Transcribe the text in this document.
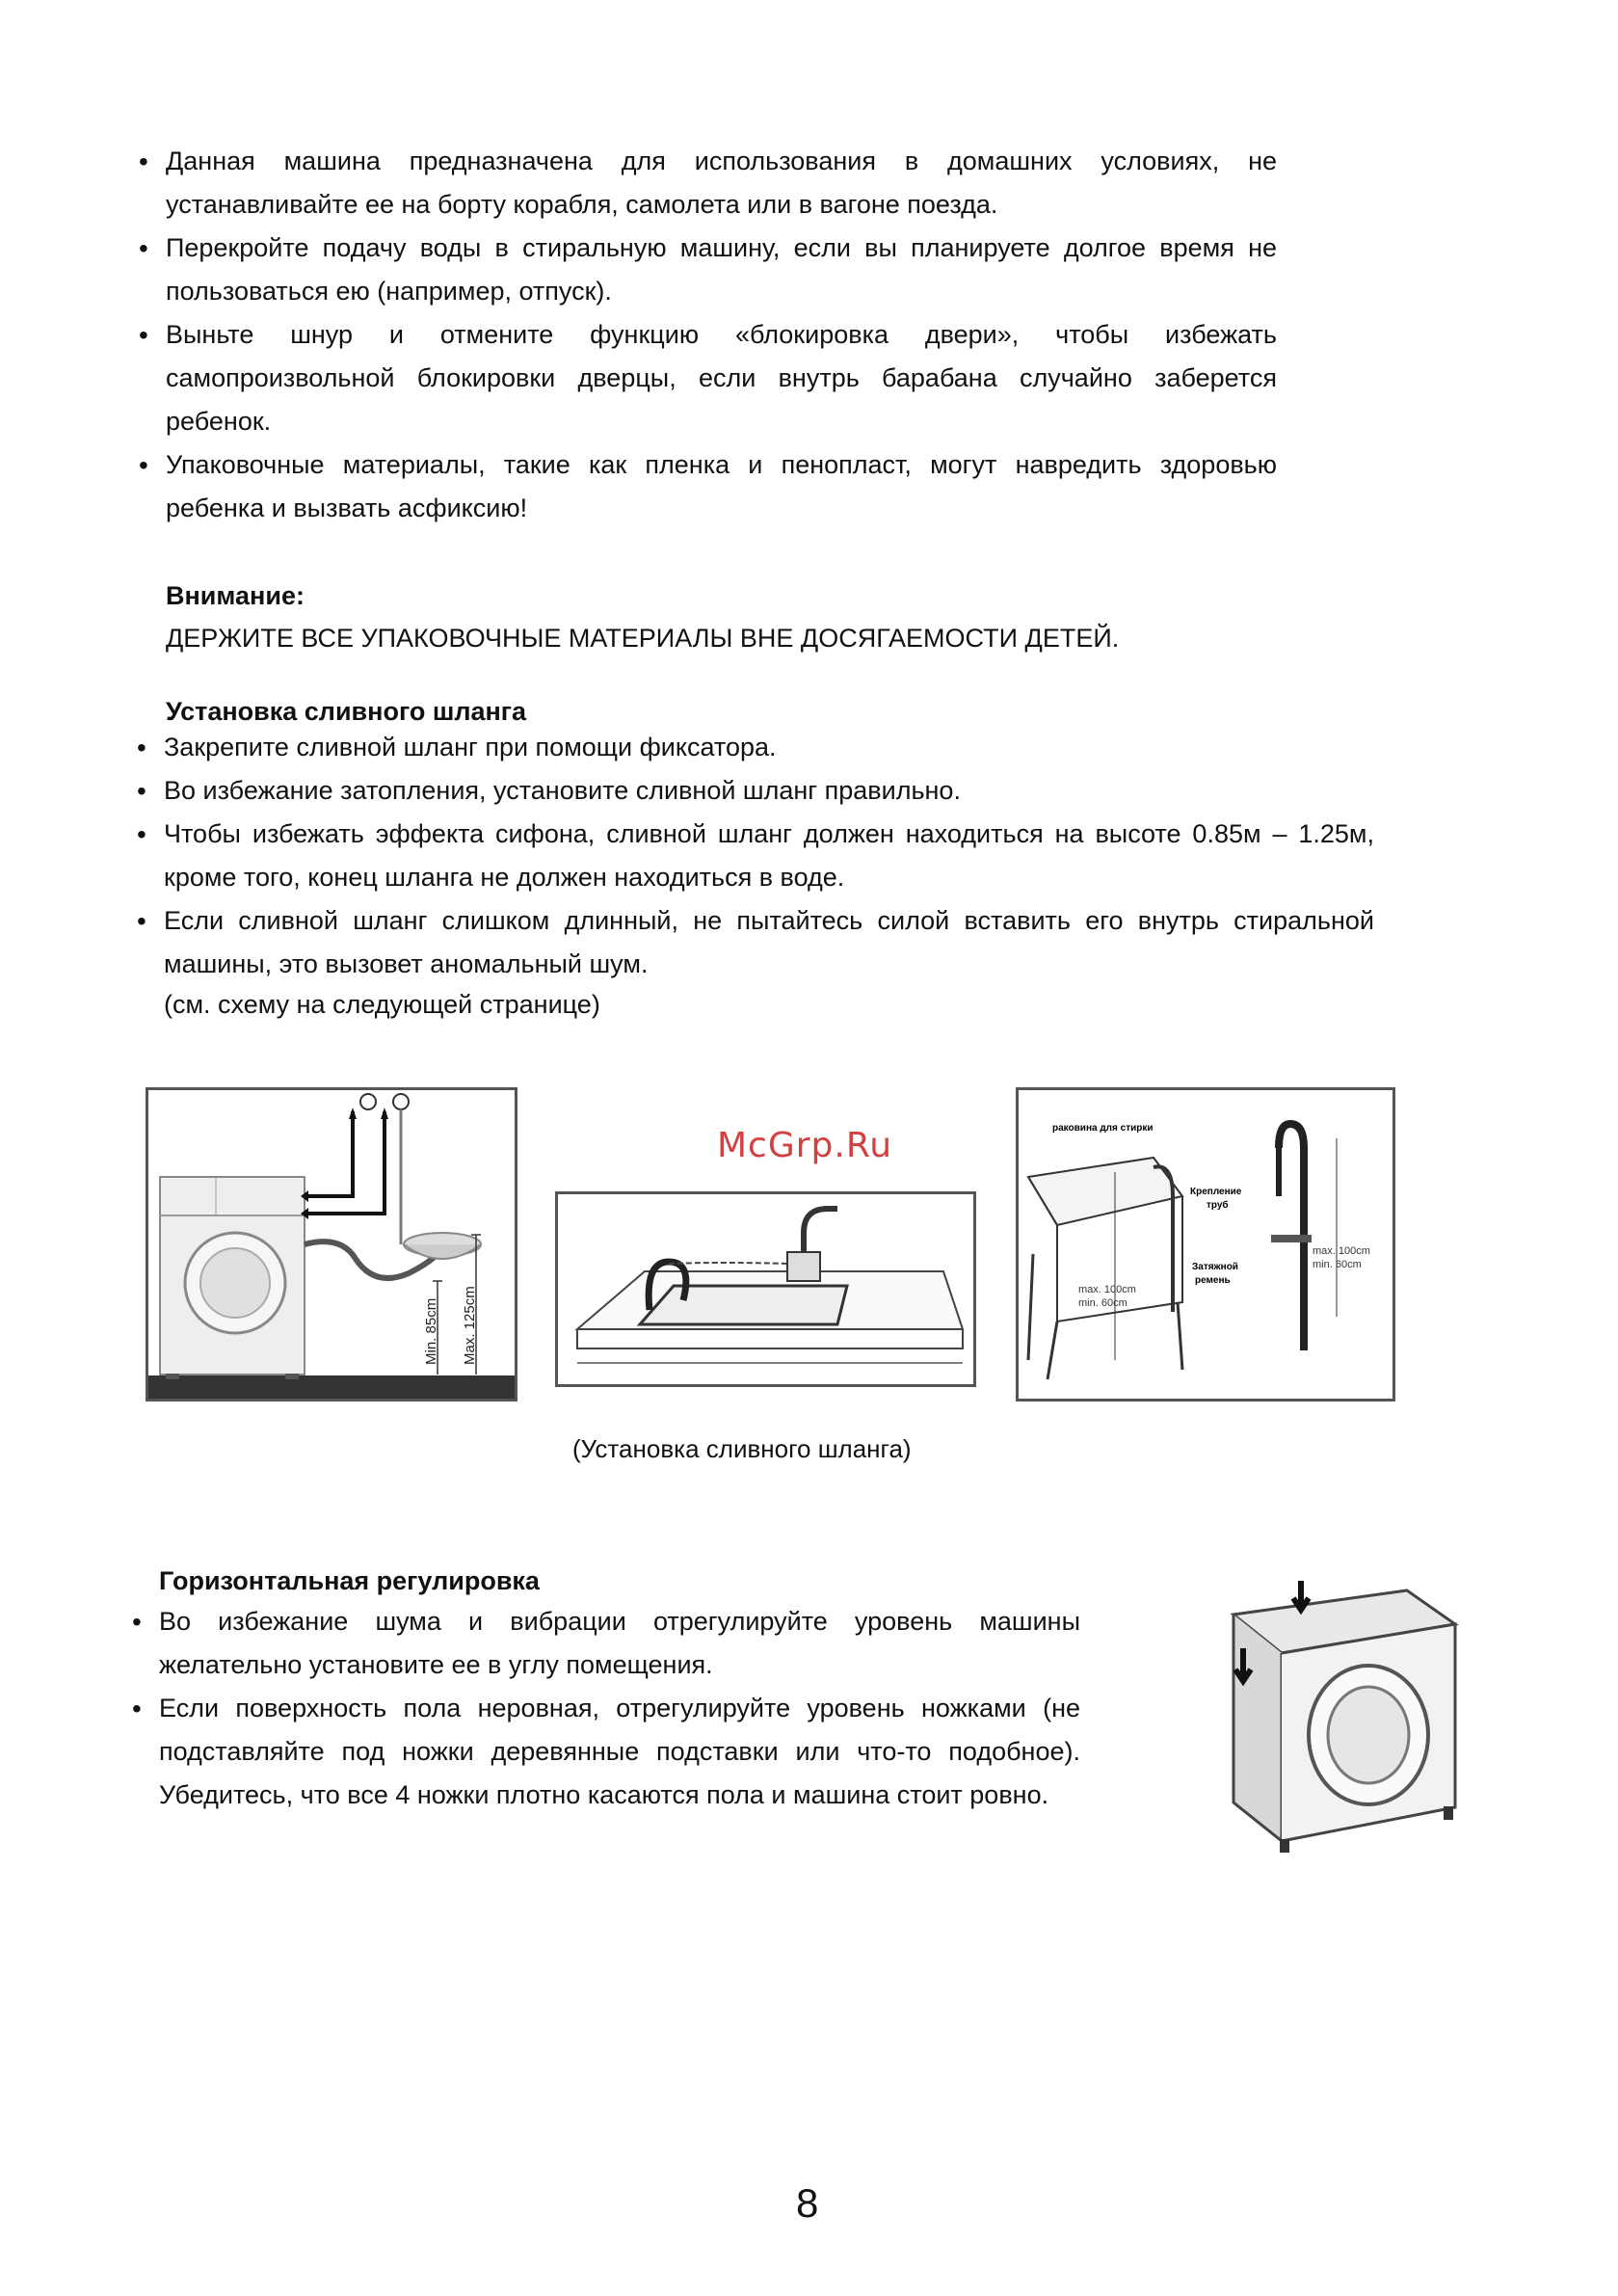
• Данная машина предназначена для использования в домашних условиях, не устанавливайте ее на борту корабля, самолета или в вагоне поезда.
• Перекройте подачу воды в стиральную машину, если вы планируете долгое время не пользоваться ею (например, отпуск).
• Выньте шнур и отмените функцию «блокировка двери», чтобы избежать самопроизвольной блокировки дверцы, если внутрь барабана случайно заберется ребенок.
• Упаковочные материалы, такие как пленка и пенопласт, могут навредить здоровью ребенка и вызвать асфиксию!
Внимание:
ДЕРЖИТЕ ВСЕ УПАКОВОЧНЫЕ МАТЕРИАЛЫ ВНЕ ДОСЯГАЕМОСТИ ДЕТЕЙ.
Установка сливного шланга
• Закрепите сливной шланг при помощи фиксатора.
• Во избежание затопления, установите сливной шланг правильно.
• Чтобы избежать эффекта сифона, сливной шланг должен находиться на высоте 0.85м – 1.25м, кроме того, конец шланга не должен находиться в воде.
• Если сливной шланг слишком длинный, не пытайтесь силой вставить его внутрь стиральной машины, это вызовет аномальный шум.
(см. схему на следующей странице)
Min. 85cm Max. 125cm
McGrp.Ru	раковина для стирки
Крепление
труб
Затяжной
ремень
max. 100cm
min. 60cm
max. 100cm
min. 60cm
(Установка сливного шланга)
Горизонтальная регулировка
• Во избежание шума и вибрации отрегулируйте уровень машины желательно установите ее в углу помещения.
• Если поверхность пола неровная, отрегулируйте уровень ножками (не подставляйте под ножки деревянные подставки или что-то подобное). Убедитесь, что все 4 ножки плотно касаются пола и машина стоит ровно.
8
